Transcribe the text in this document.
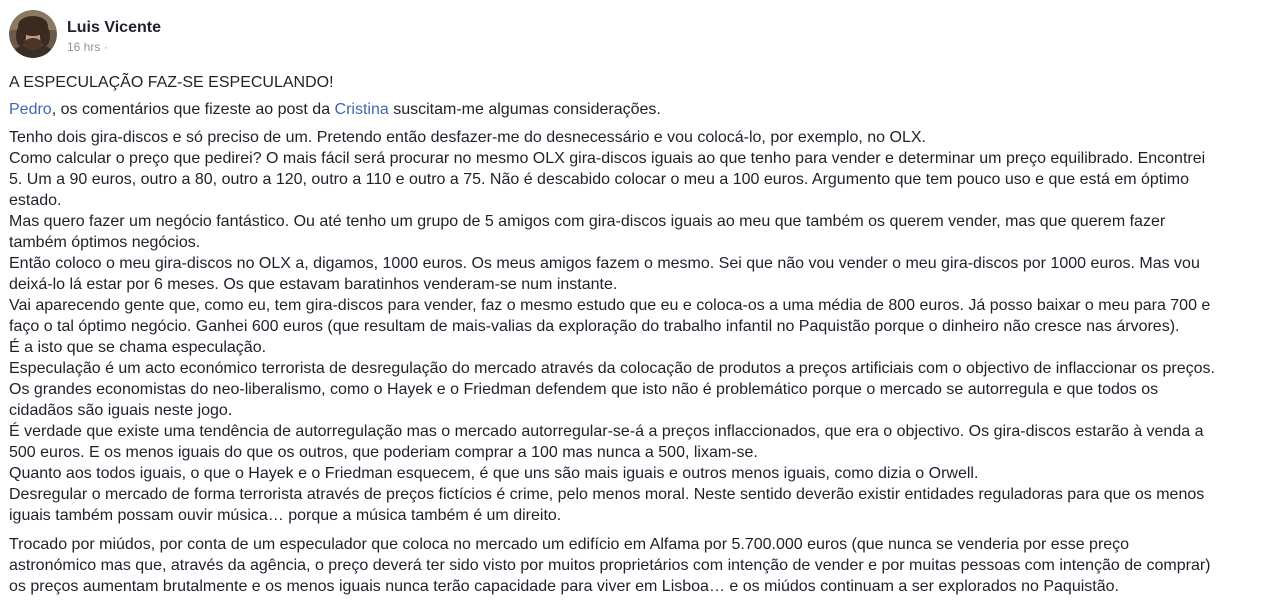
Luis Vicente
16 hrs ·
A ESPECULAÇÃO FAZ-SE ESPECULANDO!
Pedro, os comentários que fizeste ao post da Cristina suscitam-me algumas considerações.
Tenho dois gira-discos e só preciso de um. Pretendo então desfazer-me do desnecessário e vou colocá-lo, por exemplo, no OLX.
Como calcular o preço que pedirei? O mais fácil será procurar no mesmo OLX gira-discos iguais ao que tenho para vender e determinar um preço equilibrado. Encontrei
5. Um a 90 euros, outro a 80, outro a 120, outro a 110 e outro a 75. Não é descabido colocar o meu a 100 euros. Argumento que tem pouco uso e que está em óptimo
estado.
Mas quero fazer um negócio fantástico. Ou até tenho um grupo de 5 amigos com gira-discos iguais ao meu que também os querem vender, mas que querem fazer
também óptimos negócios.
Então coloco o meu gira-discos no OLX a, digamos, 1000 euros. Os meus amigos fazem o mesmo. Sei que não vou vender o meu gira-discos por 1000 euros. Mas vou
deixá-lo lá estar por 6 meses. Os que estavam baratinhos venderam-se num instante.
Vai aparecendo gente que, como eu, tem gira-discos para vender, faz o mesmo estudo que eu e coloca-os a uma média de 800 euros. Já posso baixar o meu para 700 e
faço o tal óptimo negócio. Ganhei 600 euros (que resultam de mais-valias da exploração do trabalho infantil no Paquistão porque o dinheiro não cresce nas árvores).
É a isto que se chama especulação.
Especulação é um acto económico terrorista de desregulação do mercado através da colocação de produtos a preços artificiais com o objectivo de inflaccionar os preços.
Os grandes economistas do neo-liberalismo, como o Hayek e o Friedman defendem que isto não é problemático porque o mercado se autorregula e que todos os
cidadãos são iguais neste jogo.
É verdade que existe uma tendência de autorregulação mas o mercado autorregular-se-á a preços inflaccionados, que era o objectivo. Os gira-discos estarão à venda a
500 euros. E os menos iguais do que os outros, que poderiam comprar a 100 mas nunca a 500, lixam-se.
Quanto aos todos iguais, o que o Hayek e o Friedman esquecem, é que uns são mais iguais e outros menos iguais, como dizia o Orwell.
Desregular o mercado de forma terrorista através de preços fictícios é crime, pelo menos moral. Neste sentido deverão existir entidades reguladoras para que os menos
iguais também possam ouvir música… porque a música também é um direito.
Trocado por miúdos, por conta de um especulador que coloca no mercado um edifício em Alfama por 5.700.000 euros (que nunca se venderia por esse preço
astronómico mas que, através da agência, o preço deverá ter sido visto por muitos proprietários com intenção de vender e por muitas pessoas com intenção de comprar)
os preços aumentam brutalmente e os menos iguais nunca terão capacidade para viver em Lisboa… e os miúdos continuam a ser explorados no Paquistão.
